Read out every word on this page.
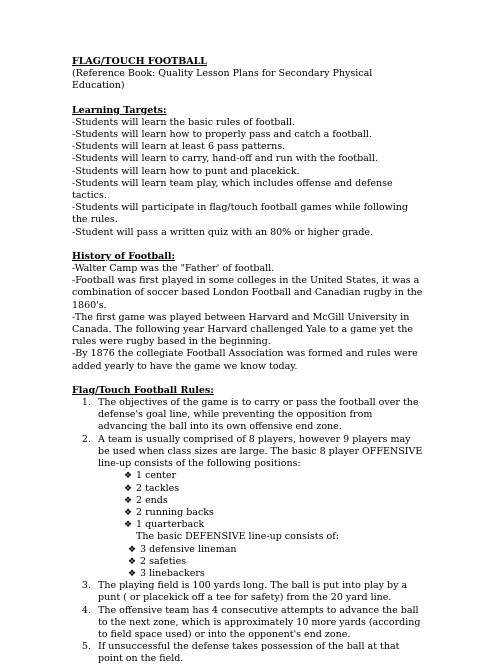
FLAG/TOUCH FOOTBALL
(Reference Book: Quality Lesson Plans for Secondary Physical Education)
Learning Targets:
-Students will learn the basic rules of football.
-Students will learn how to properly pass and catch a football.
-Students will learn at least 6 pass patterns.
-Students will learn to carry, hand-off and run with the football.
-Students will learn how to punt and placekick.
-Students will learn team play, which includes offense and defense tactics.
-Students will participate in flag/touch football games while following the rules.
-Student will pass a written quiz with an 80% or higher grade.
History of Football:
-Walter Camp was the "Father' of football.
-Football was first played in some colleges in the United States, it was a combination of soccer based London Football and Canadian rugby in the 1860's.
-The first game was played between Harvard and McGill University in Canada. The following year Harvard challenged Yale to a game yet the rules were rugby based in the beginning.
-By 1876 the collegiate Football Association was formed and rules were added yearly to have the game we know today.
Flag/Touch Football Rules:
1. The objectives of the game is to carry or pass the football over the defense's goal line, while preventing the opposition from advancing the ball into its own offensive end zone.
2. A team is usually comprised of 8 players, however 9 players may be used when class sizes are large. The basic 8 player OFFENSIVE line-up consists of the following positions:
❖ 1 center
❖ 2 tackles
❖ 2 ends
❖ 2 running backs
❖ 1 quarterback
The basic DEFENSIVE line-up consists of:
❖ 3 defensive lineman
❖ 2 safeties
❖ 3 linebackers
3. The playing field is 100 yards long. The ball is put into play by a punt ( or placekick off a tee for safety) from the 20 yard line.
4. The offensive team has 4 consecutive attempts to advance the ball to the next zone, which is approximately 10 more yards (according to field space used) or into the opponent's end zone.
5. If unsuccessful the defense takes possession of the ball at that point on the field.
